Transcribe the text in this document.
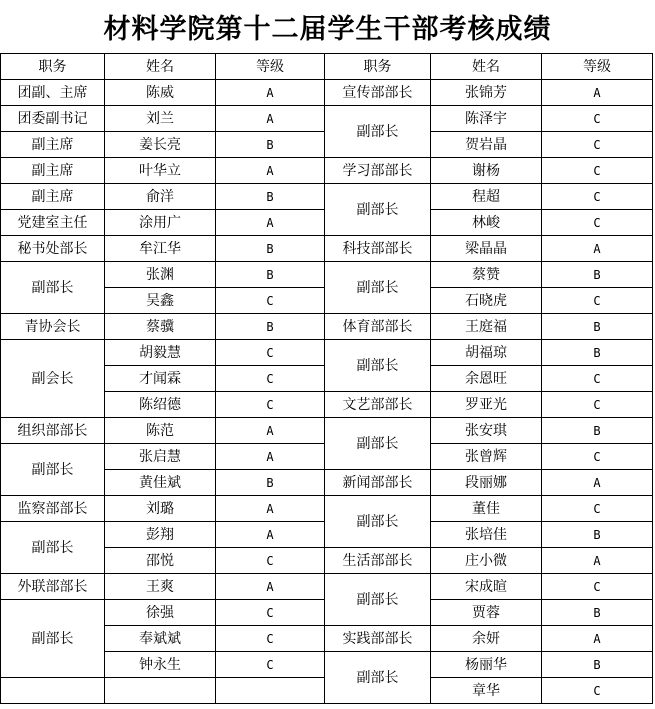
材料学院第十二届学生干部考核成绩
职务	姓名	等级	职务	姓名	等级
团副、主席	陈威	A	宣传部部长	张锦芳	A
团委副书记	刘兰	A	副部长	陈泽宇	C
副主席	姜长亮	B		贺岩晶	C
副主席	叶华立	A	学习部部长	谢杨	C
副主席	俞洋	B	副部长	程超	C
党建室主任	涂用广	A		林峻	C
秘书处部长	牟江华	B	科技部部长	梁晶晶	A
副部长	张渊	B	副部长	蔡赞	B
	吴鑫	C		石晓虎	C
青协会长	蔡骥	B	体育部部长	王庭福	B
副会长	胡毅慧	C	副部长	胡福琼	B
	才闻霖	C		余恩旺	C
	陈绍德	C	文艺部部长	罗亚光	C
组织部部长	陈范	A	副部长	张安琪	B
副部长	张启慧	A		张曾辉	C
	黄佳斌	B	新闻部部长	段丽娜	A
监察部部长	刘璐	A	副部长	董佳	C
副部长	彭翔	A		张培佳	B
	邵悦	C	生活部部长	庄小微	A
外联部部长	王爽	A	副部长	宋成暄	C
副部长	徐强	C		贾蓉	B
	奉斌斌	C	实践部部长	余妍	A
	钟永生	C	副部长	杨丽华	B
				章华	C
